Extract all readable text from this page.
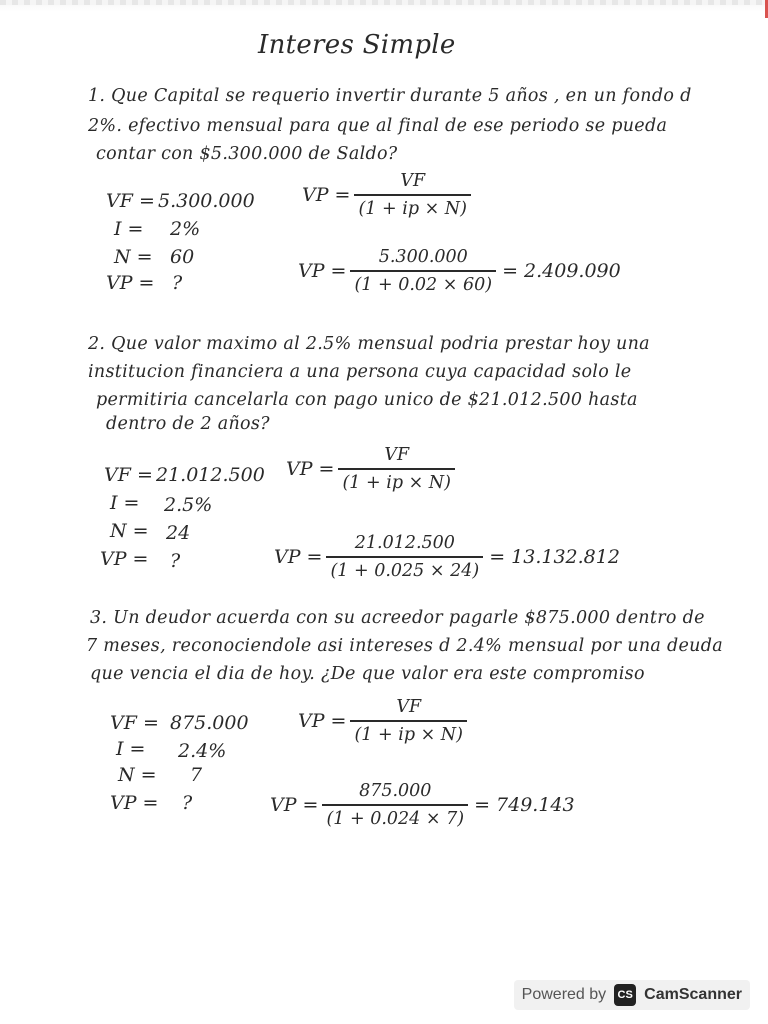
Interes Simple
1. Que Capital se requerio invertir durante 5 años , en un fondo d
2%. efectivo mensual para que al final de ese periodo se pueda
contar con $5.300.000 de Saldo?
VF = 5.300.000
I = 2%
N = 60
VP = ?
VP = $\frac{VF}{(1 + ip \times N)}$
VP = $\frac{5.300.000}{(1 + 0.02 \times 60)} = 2.409.090$
2. Que valor maximo al 2.5% mensual podria prestar hoy una
institucion financiera a una persona cuya capacidad solo le
permitiria cancelarla con pago unico de $21.012.500 hasta
dentro de 2 años?
VF = 21.012.500
I = 2.5%
N = 24
VP = ?
VP = $\frac{VF}{(1 + ip \times N)}$
VP = $\frac{21.012.500}{(1 + 0.025 \times 24)} = 13.132.812$
3. Un deudor acuerda con su acreedor pagarle $875.000 dentro de
7 meses, reconociendole asi intereses d 2.4% mensual por una deuda
que vencia el dia de hoy. ¿De que valor era este compromiso
VF = 875.000
I = 2.4%
N = 7
VP = ?
VP = $\frac{VF}{(1 + ip \times N)}$
VP = $\frac{875.000}{(1 + 0.024 \times 7)} = 749.143$
Powered by	CS CamScanner
